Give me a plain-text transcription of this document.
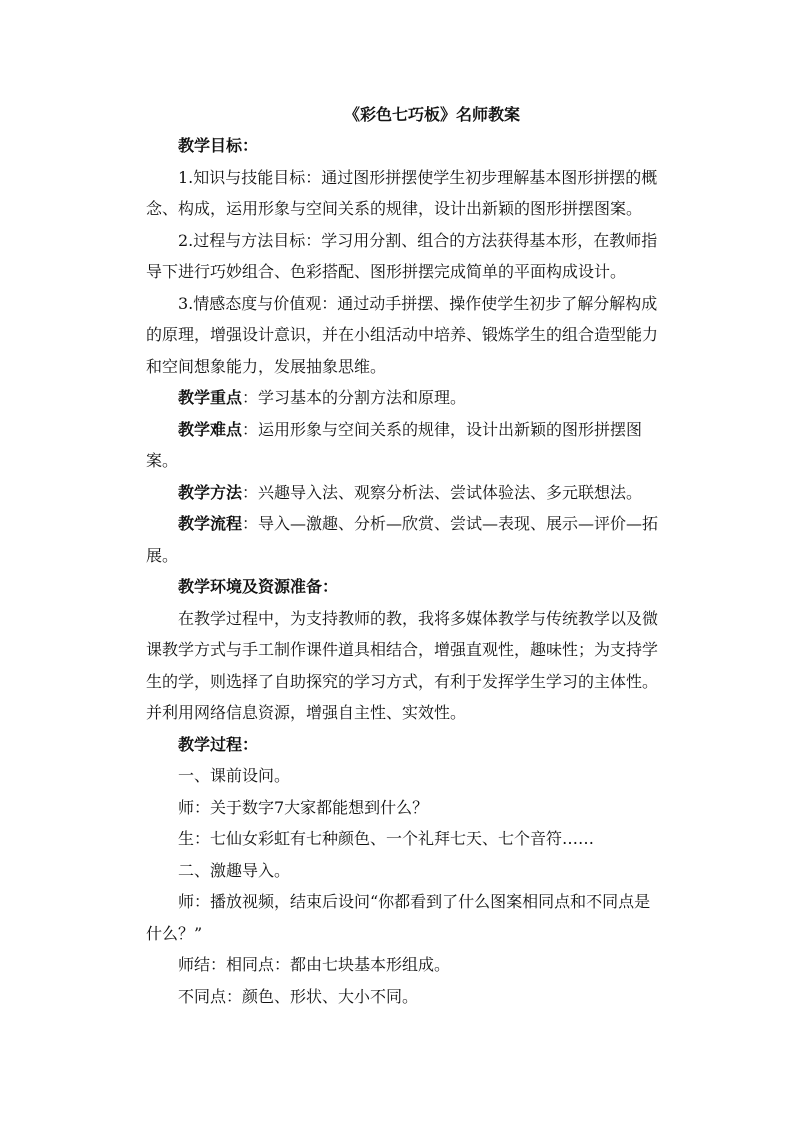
《彩色七巧板》名师教案

教学目标：

1.知识与技能目标：通过图形拼摆使学生初步理解基本图形拼摆的概念、构成，运用形象与空间关系的规律，设计出新颖的图形拼摆图案。

2.过程与方法目标：学习用分割、组合的方法获得基本形，在教师指导下进行巧妙组合、色彩搭配、图形拼摆完成简单的平面构成设计。

3.情感态度与价值观：通过动手拼摆、操作使学生初步了解分解构成的原理，增强设计意识，并在小组活动中培养、锻炼学生的组合造型能力和空间想象能力，发展抽象思维。

教学重点：学习基本的分割方法和原理。

教学难点：运用形象与空间关系的规律，设计出新颖的图形拼摆图案。

教学方法：兴趣导入法、观察分析法、尝试体验法、多元联想法。

教学流程：导入—激趣、分析—欣赏、尝试—表现、展示—评价—拓展。

教学环境及资源准备：

在教学过程中，为支持教师的教，我将多媒体教学与传统教学以及微课教学方式与手工制作课件道具相结合，增强直观性，趣味性；为支持学生的学，则选择了自助探究的学习方式，有利于发挥学生学习的主体性。并利用网络信息资源，增强自主性、实效性。

教学过程：

一、课前设问。

师：关于数字7大家都能想到什么？

生：七仙女彩虹有七种颜色、一个礼拜七天、七个音符……

二、激趣导入。

师：播放视频，结束后设问“你都看到了什么图案相同点和不同点是什么？”

师结：相同点：都由七块基本形组成。

不同点：颜色、形状、大小不同。
